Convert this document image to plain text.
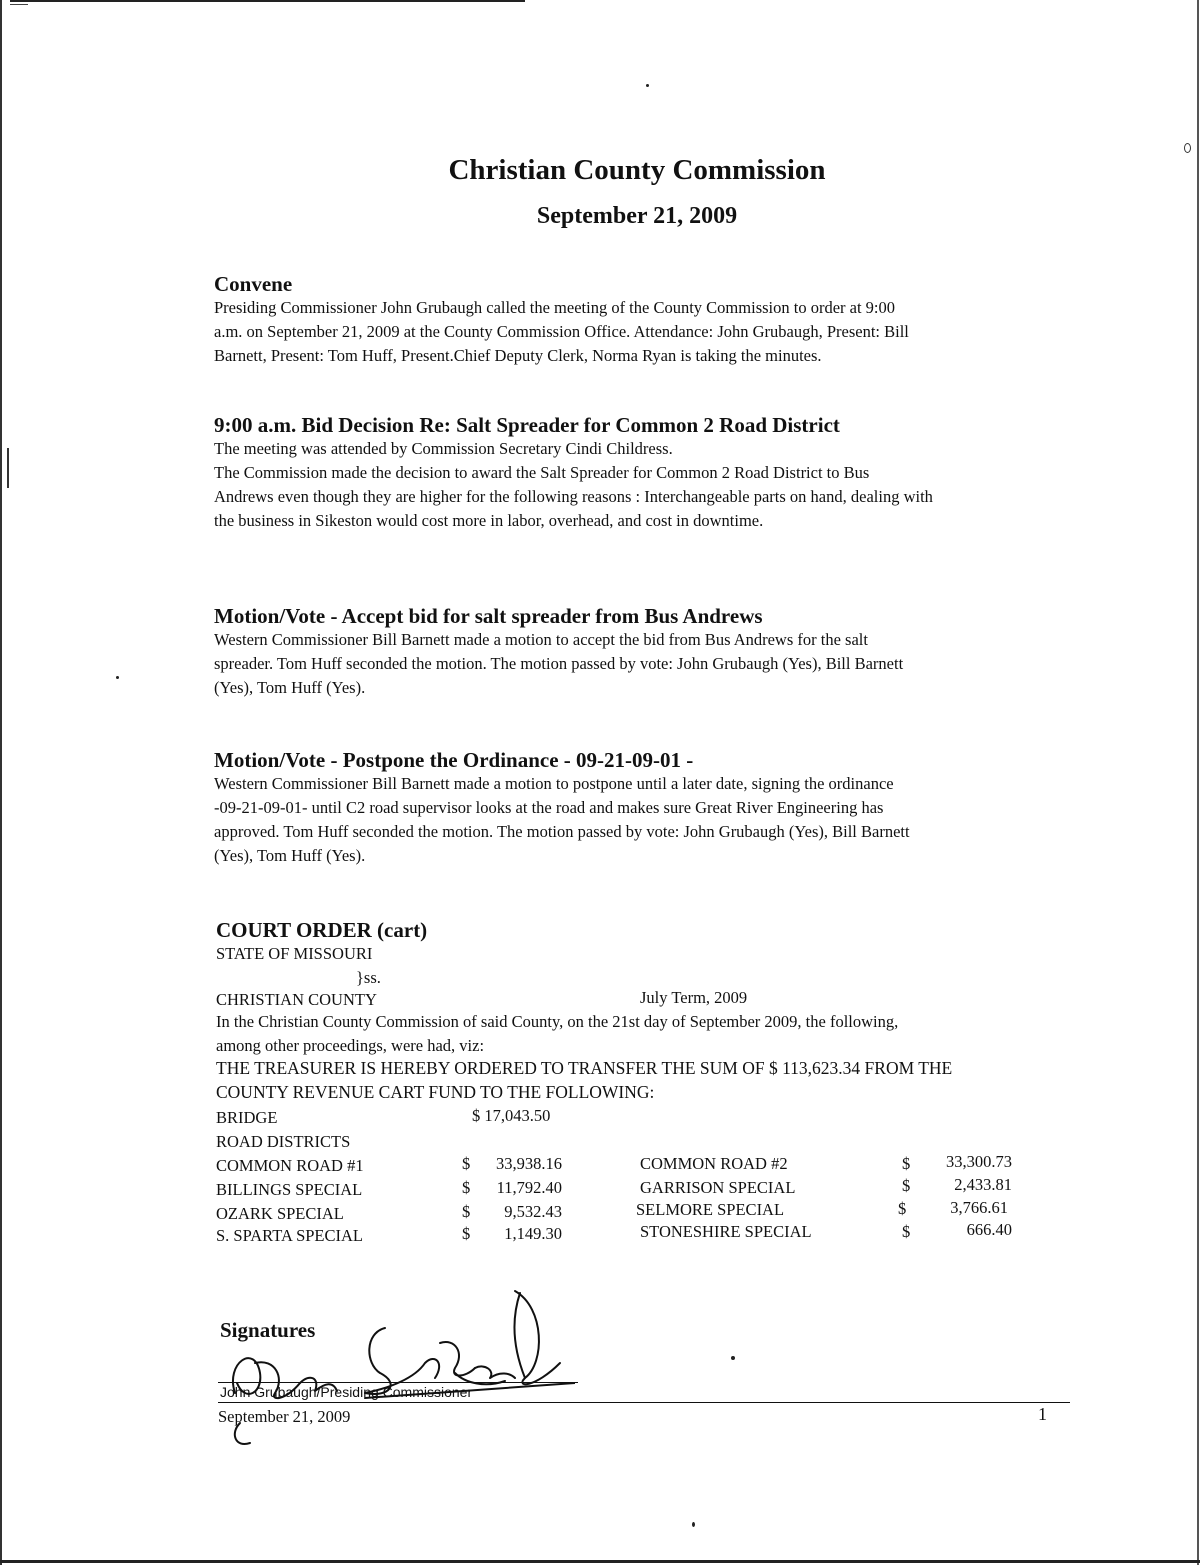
Christian County Commission
September 21, 2009
Convene

Presiding Commissioner John Grubaugh called the meeting of the County Commission to order at 9:00

a.m. on September 21, 2009 at the County Commission Office. Attendance: John Grubaugh, Present: Bill

Barnett, Present: Tom Huff, Present.Chief Deputy Clerk, Norma Ryan is taking the minutes.

9:00 a.m. Bid Decision Re: Salt Spreader for Common 2 Road District

The meeting was attended by Commission Secretary Cindi Childress.

The Commission made the decision to award the Salt Spreader for Common 2 Road District to Bus

Andrews even though they are higher for the following reasons : Interchangeable parts on hand, dealing with

the business in Sikeston would cost more in labor, overhead, and cost in downtime.

Motion/Vote - Accept bid for salt spreader from Bus Andrews

Western Commissioner Bill Barnett made a motion to accept the bid from Bus Andrews for the salt

spreader. Tom Huff seconded the motion. The motion passed by vote: John Grubaugh (Yes), Bill Barnett

(Yes), Tom Huff (Yes).

Motion/Vote - Postpone the Ordinance - 09-21-09-01 -

Western Commissioner Bill Barnett made a motion to postpone until a later date, signing the ordinance

-09-21-09-01- until C2 road supervisor looks at the road and makes sure Great River Engineering has

approved. Tom Huff seconded the motion. The motion passed by vote: John Grubaugh (Yes), Bill Barnett

(Yes), Tom Huff (Yes).

COURT ORDER (cart)
STATE OF MISSOURI
}ss.
CHRISTIAN COUNTY	July Term, 2009
In the Christian County Commission of said County, on the 21st day of September 2009, the following,
among other proceedings, were had, viz:
THE TREASURER IS HEREBY ORDERED TO TRANSFER THE SUM OF $ 113,623.34 FROM THE
COUNTY REVENUE CART FUND TO THE FOLLOWING:
BRIDGE	$ 17,043.50
ROAD DISTRICTS
COMMON ROAD #1	$	33,938.16
BILLINGS SPECIAL	$	11,792.40
OZARK SPECIAL	$	9,532.43
S. SPARTA SPECIAL	$	1,149.30
COMMON ROAD #2	$	33,300.73
GARRISON SPECIAL	$	2,433.81
SELMORE SPECIAL	$	3,766.61
STONESHIRE SPECIAL	$	666.40
Signatures
John Grubaugh/Presiding Commissioner
September 21, 2009	1
